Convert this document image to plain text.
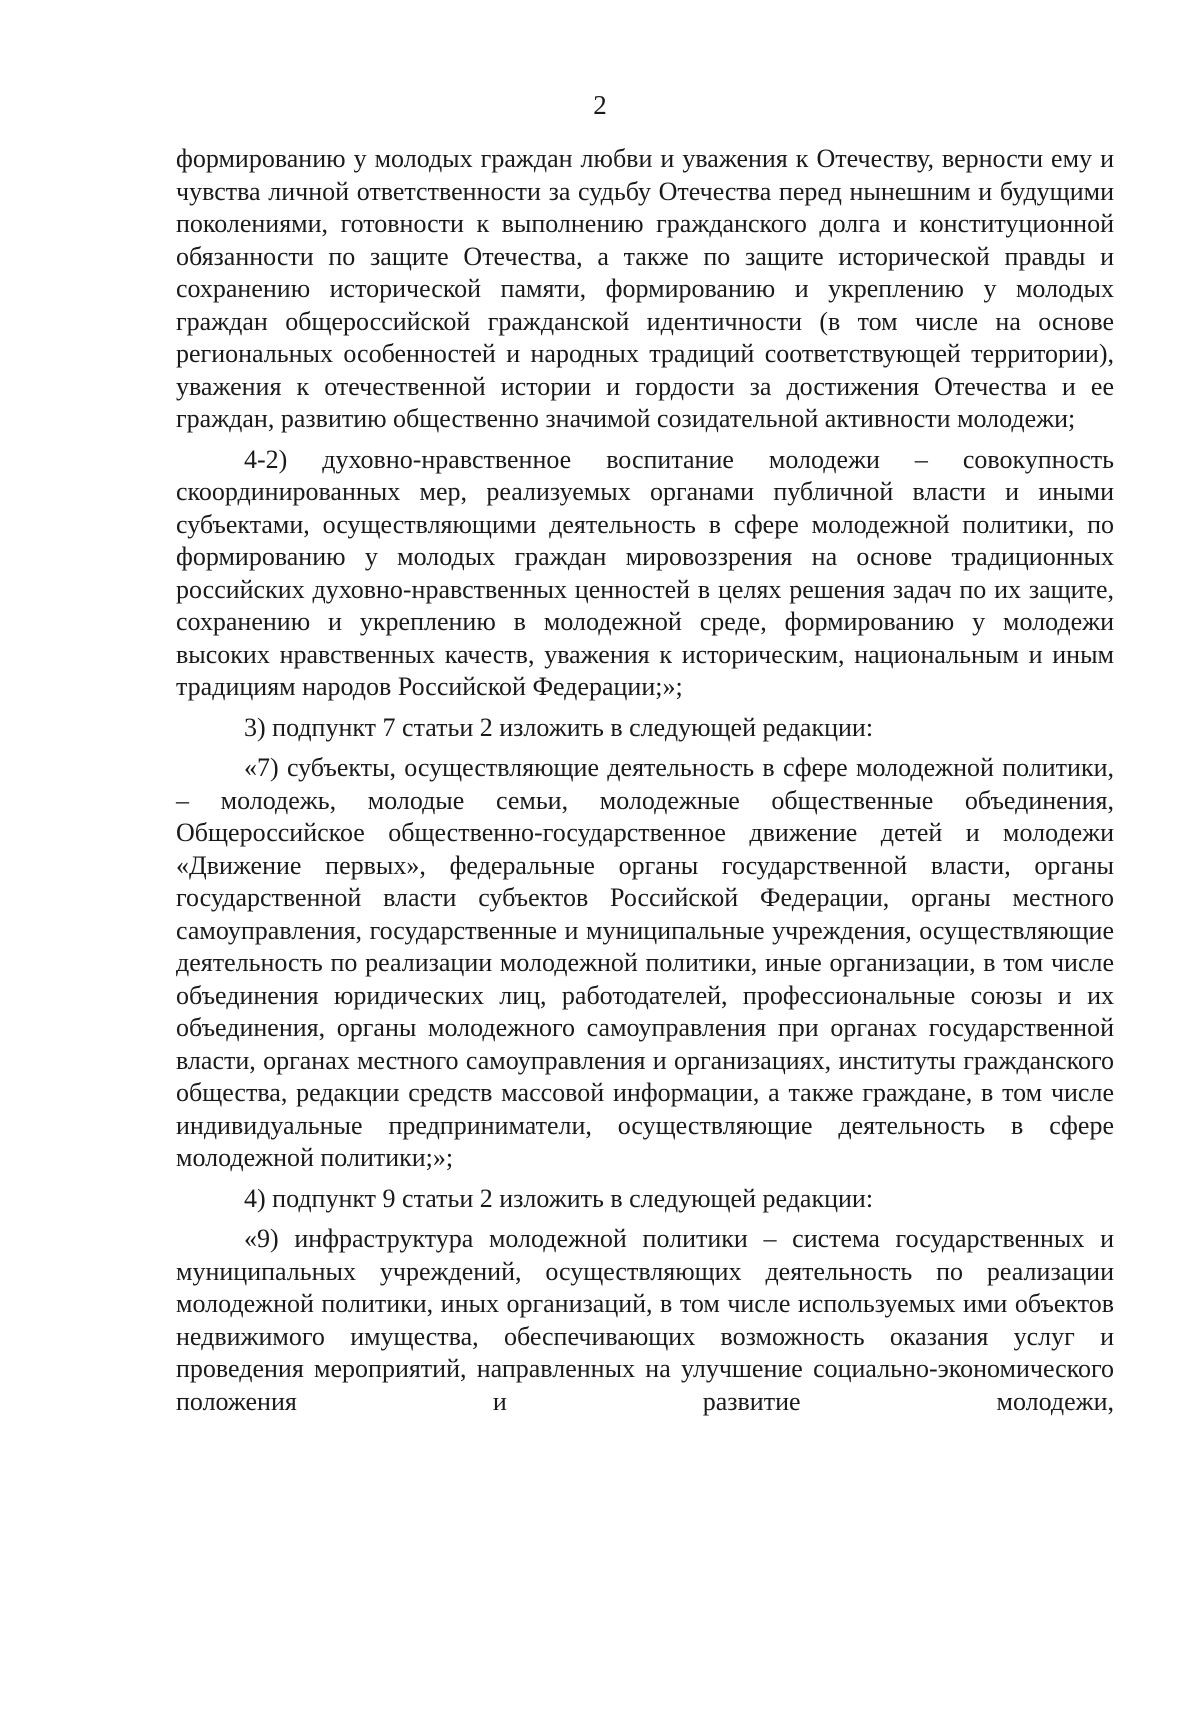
2

формированию у молодых граждан любви и уважения к Отечеству, верности ему и чувства личной ответственности за судьбу Отечества перед нынешним и будущими поколениями, готовности к выполнению гражданского долга и конституционной обязанности по защите Отечества, а также по защите исторической правды и сохранению исторической памяти, формированию и укреплению у молодых граждан общероссийской гражданской идентичности (в том числе на основе региональных особенностей и народных традиций соответствующей территории), уважения к отечественной истории и гордости за достижения Отечества и ее граждан, развитию общественно значимой созидательной активности молодежи;

4-2) духовно-нравственное воспитание молодежи – совокупность скоординированных мер, реализуемых органами публичной власти и иными субъектами, осуществляющими деятельность в сфере молодежной политики, по формированию у молодых граждан мировоззрения на основе традиционных российских духовно-нравственных ценностей в целях решения задач по их защите, сохранению и укреплению в молодежной среде, формированию у молодежи высоких нравственных качеств, уважения к историческим, национальным и иным традициям народов Российской Федерации;»;

3) подпункт 7 статьи 2 изложить в следующей редакции:

«7) субъекты, осуществляющие деятельность в сфере молодежной политики, – молодежь, молодые семьи, молодежные общественные объединения, Общероссийское общественно-государственное движение детей и молодежи «Движение первых», федеральные органы государственной власти, органы государственной власти субъектов Российской Федерации, органы местного самоуправления, государственные и муниципальные учреждения, осуществляющие деятельность по реализации молодежной политики, иные организации, в том числе объединения юридических лиц, работодателей, профессиональные союзы и их объединения, органы молодежного самоуправления при органах государственной власти, органах местного самоуправления и организациях, институты гражданского общества, редакции средств массовой информации, а также граждане, в том числе индивидуальные предприниматели, осуществляющие деятельность в сфере молодежной политики;»;

4) подпункт 9 статьи 2 изложить в следующей редакции:

«9) инфраструктура молодежной политики – система государственных и муниципальных учреждений, осуществляющих деятельность по реализации молодежной политики, иных организаций, в том числе используемых ими объектов недвижимого имущества, обеспечивающих возможность оказания услуг и проведения мероприятий, направленных на улучшение социально-экономического положения и развитие молодежи,
